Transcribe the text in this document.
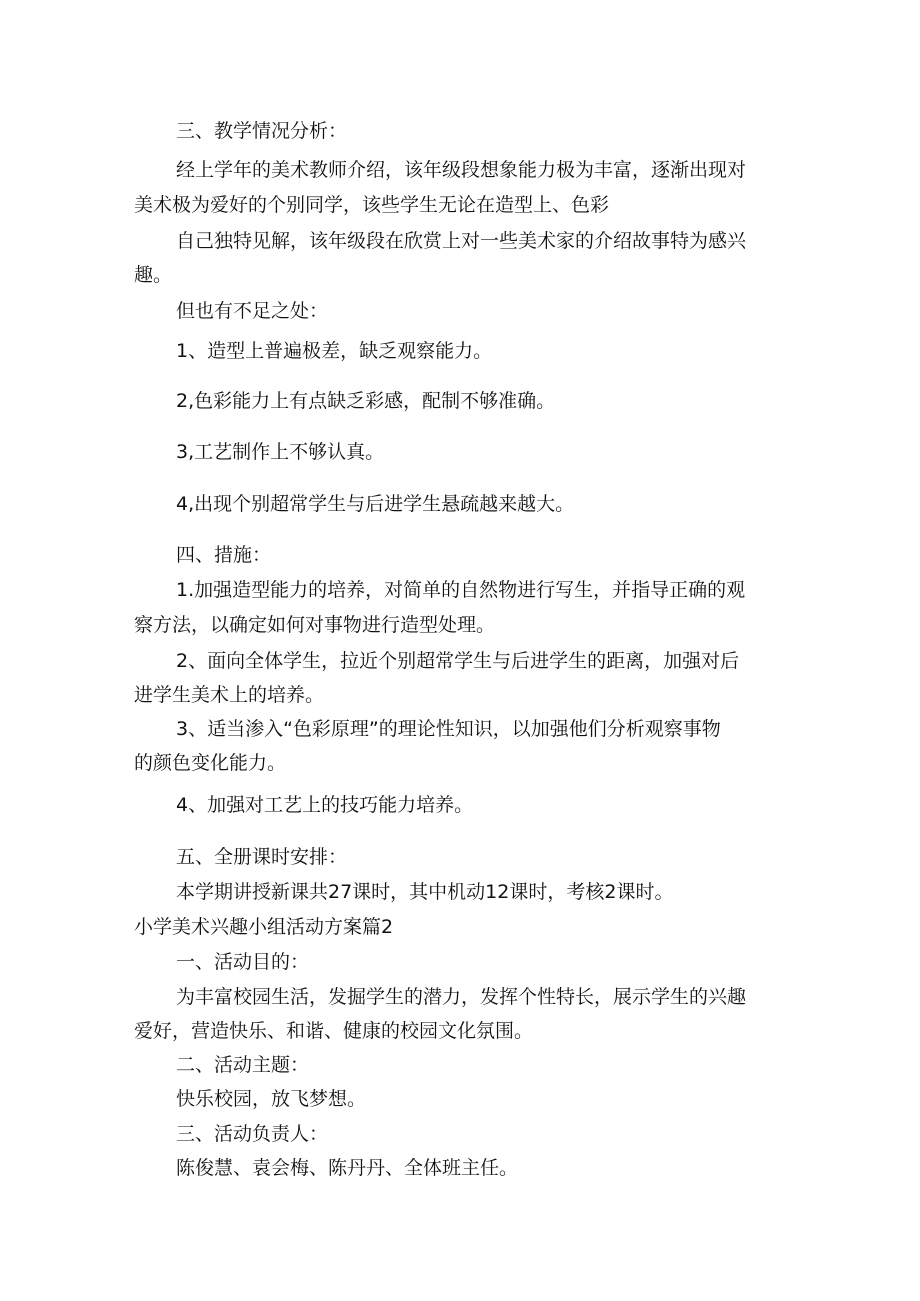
三、教学情况分析：
经上学年的美术教师介绍，该年级段想象能力极为丰富，逐渐出现对
美术极为爱好的个别同学，该些学生无论在造型上、色彩
自己独特见解，该年级段在欣赏上对一些美术家的介绍故事特为感兴
趣。
但也有不足之处：
1、造型上普遍极差，缺乏观察能力。
2,色彩能力上有点缺乏彩感，配制不够准确。
3,工艺制作上不够认真。
4,出现个别超常学生与后进学生悬疏越来越大。
四、措施：
1.加强造型能力的培养，对简单的自然物进行写生，并指导正确的观
察方法，以确定如何对事物进行造型处理。
2、面向全体学生，拉近个别超常学生与后进学生的距离，加强对后
进学生美术上的培养。
3、适当渗入“色彩原理”的理论性知识，以加强他们分析观察事物
的颜色变化能力。
4、加强对工艺上的技巧能力培养。
五、全册课时安排：
本学期讲授新课共27课时，其中机动12课时，考核2课时。
小学美术兴趣小组活动方案篇2
一、活动目的：
为丰富校园生活，发掘学生的潜力，发挥个性特长，展示学生的兴趣
爱好，营造快乐、和谐、健康的校园文化氛围。
二、活动主题：
快乐校园，放飞梦想。
三、活动负责人：
陈俊慧、袁会梅、陈丹丹、全体班主任。
